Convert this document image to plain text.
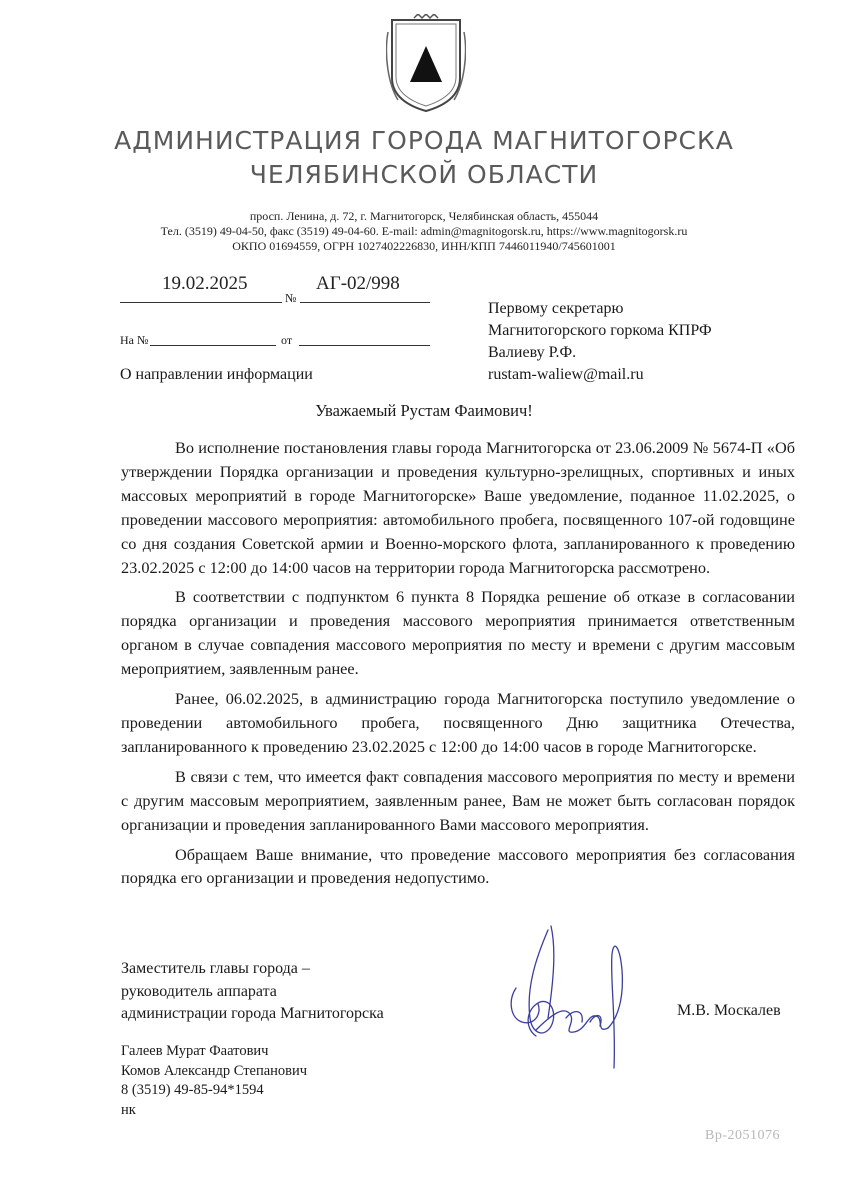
АДМИНИСТРАЦИЯ ГОРОДА МАГНИТОГОРСКА
ЧЕЛЯБИНСКОЙ ОБЛАСТИ
просп. Ленина, д. 72, г. Магнитогорск, Челябинская область, 455044
Тел. (3519) 49-04-50, факс (3519) 49-04-60. E-mail: admin@magnitogorsk.ru, https://www.magnitogorsk.ru
ОКПО 01694559, ОГРН 1027402226830, ИНН/КПП 7446011940/745601001
19.02.2025	АГ-02/998
№
На №	от
О направлении информации
Первому секретарю
Магнитогорского горкома КПРФ
Валиеву Р.Ф.
rustam-waliew@mail.ru
Уважаемый Рустам Фаимович!

Во исполнение постановления главы города Магнитогорска от 23.06.2009 № 5674-П «Об утверждении Порядка организации и проведения культурно-зрелищных, спортивных и иных массовых мероприятий в городе Магнитогорске» Ваше уведомление, поданное 11.02.2025, о проведении массового мероприятия: автомобильного пробега, посвященного 107-ой годовщине со дня создания Советской армии и Военно-морского флота, запланированного к проведению 23.02.2025 с 12:00 до 14:00 часов на территории города Магнитогорска рассмотрено.

В соответствии с подпунктом 6 пункта 8 Порядка решение об отказе в согласовании порядка организации и проведения массового мероприятия принимается ответственным органом в случае совпадения массового мероприятия по месту и времени с другим массовым мероприятием, заявленным ранее.

Ранее, 06.02.2025, в администрацию города Магнитогорска поступило уведомление о проведении автомобильного пробега, посвященного Дню защитника Отечества, запланированного к проведению 23.02.2025 с 12:00 до 14:00 часов в городе Магнитогорске.

В связи с тем, что имеется факт совпадения массового мероприятия по месту и времени с другим массовым мероприятием, заявленным ранее, Вам не может быть согласован порядок организации и проведения запланированного Вами массового мероприятия.

Обращаем Ваше внимание, что проведение массового мероприятия без согласования порядка его организации и проведения недопустимо.

Заместитель главы города –
руководитель аппарата
администрации города Магнитогорска	М.В. Москалев
Галеев Мурат Фаатович
Комов Александр Степанович
8 (3519) 49-85-94*1594
нк
Вр-2051076
